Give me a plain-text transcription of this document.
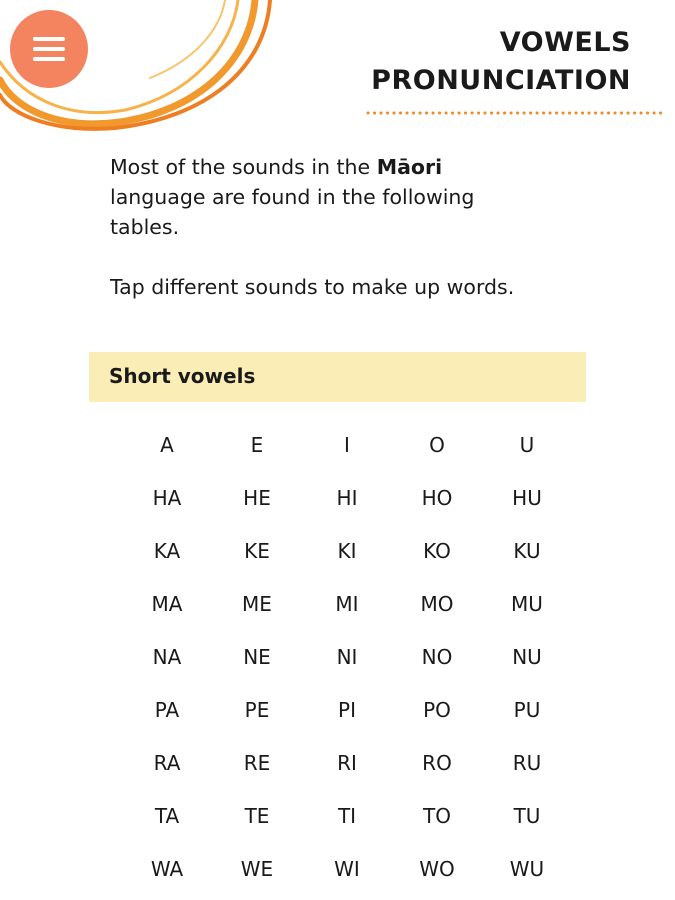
VOWELS
PRONUNCIATION

Most of the sounds in the Māori language are found in the following tables.

Tap different sounds to make up words.

Short vowels
A	E	I	O	U
HA	HE	HI	HO	HU
KA	KE	KI	KO	KU
MA	ME	MI	MO	MU
NA	NE	NI	NO	NU
PA	PE	PI	PO	PU
RA	RE	RI	RO	RU
TA	TE	TI	TO	TU
WA	WE	WI	WO	WU
